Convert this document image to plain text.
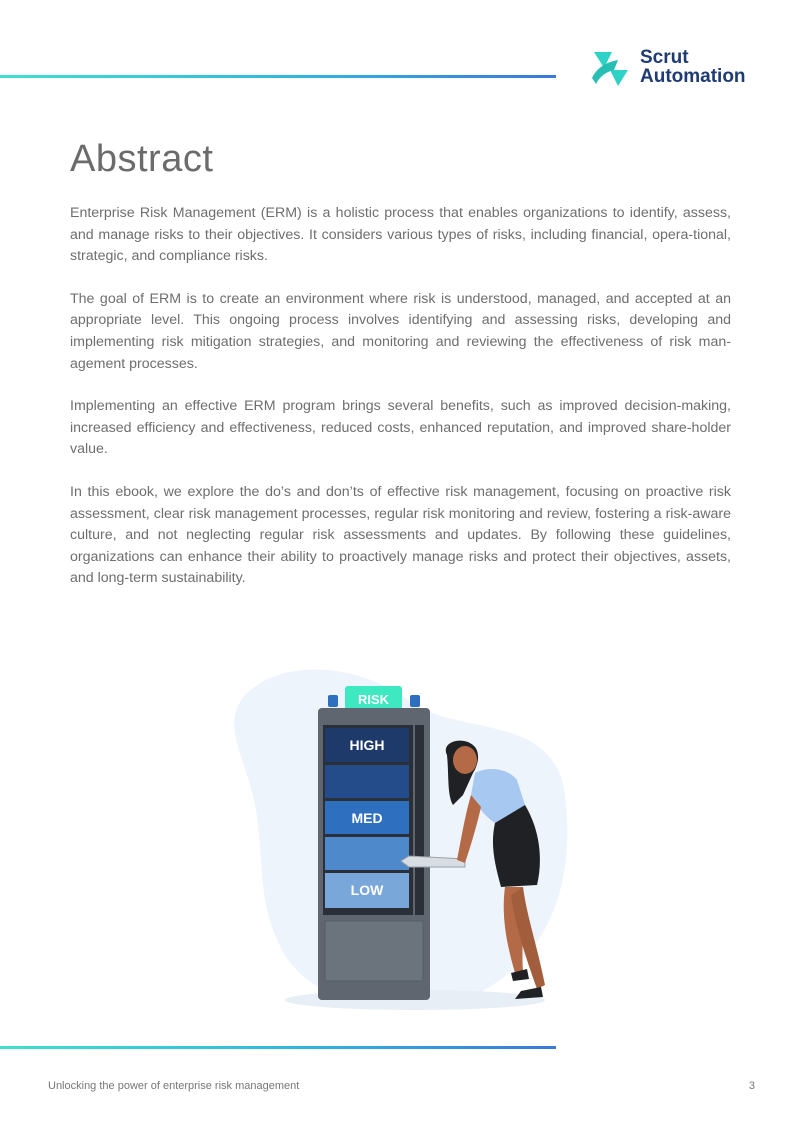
Scrut
Automation
Abstract

Enterprise Risk Management (ERM) is a holistic process that enables organizations to identify, assess, and manage risks to their objectives. It considers various types of risks, including financial, opera-tional, strategic, and compliance risks.

The goal of ERM is to create an environment where risk is understood, managed, and accepted at an appropriate level. This ongoing process involves identifying and assessing risks, developing and implementing risk mitigation strategies, and monitoring and reviewing the effectiveness of risk man-agement processes.

Implementing an effective ERM program brings several benefits, such as improved decision-making, increased efficiency and effectiveness, reduced costs, enhanced reputation, and improved share-holder value.

In this ebook, we explore the do’s and don’ts of effective risk management, focusing on proactive risk assessment, clear risk management processes, regular risk monitoring and review, fostering a risk-aware culture, and not neglecting regular risk assessments and updates. By following these guidelines, organizations can enhance their ability to proactively manage risks and protect their objectives, assets, and long-term sustainability.

RISK
HIGH
MED
LOW
Unlocking the power of enterprise risk management	3
